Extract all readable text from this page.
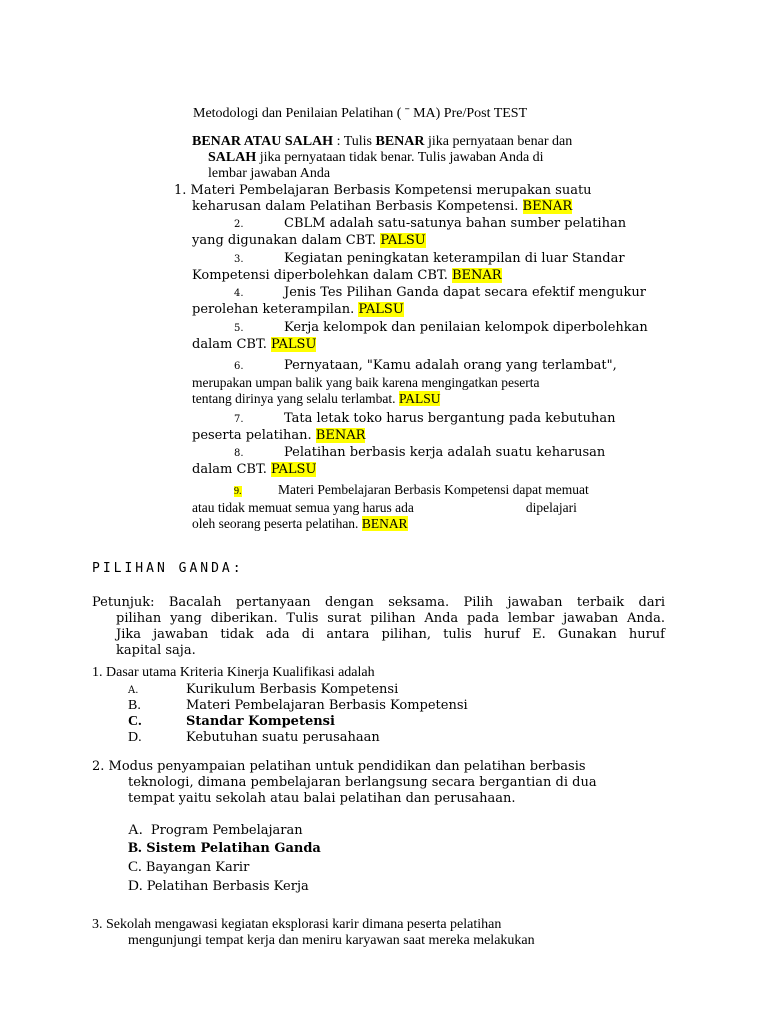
Metodologi dan Penilaian Pelatihan ( ˉ MA) Pre/Post TEST

BENAR ATAU SALAH : Tulis BENAR jika pernyataan benar dan

SALAH jika pernyataan tidak benar. Tulis jawaban Anda di

lembar jawaban Anda

1. Materi Pembelajaran Berbasis Kompetensi merupakan suatu

keharusan dalam Pelatihan Berbasis Kompetensi. BENAR

2.	CBLM adalah satu-satunya bahan sumber pelatihan

yang digunakan dalam CBT. PALSU

3.	Kegiatan peningkatan keterampilan di luar Standar

Kompetensi diperbolehkan dalam CBT. BENAR

4.	Jenis Tes Pilihan Ganda dapat secara efektif mengukur

perolehan keterampilan. PALSU

5.	Kerja kelompok dan penilaian kelompok diperbolehkan

dalam CBT. PALSU

6.	Pernyataan, "Kamu adalah orang yang terlambat",

merupakan umpan balik yang baik karena mengingatkan peserta

tentang dirinya yang selalu terlambat. PALSU

7.	Tata letak toko harus bergantung pada kebutuhan

peserta pelatihan. BENAR

8.	Pelatihan berbasis kerja adalah suatu keharusan

dalam CBT. PALSU

9.	Materi Pembelajaran Berbasis Kompetensi dapat memuat

atau tidak memuat semua yang harus ada	dipelajari

oleh seorang peserta pelatihan. BENAR

PILIHAN GANDA:

Petunjuk: Bacalah pertanyaan dengan seksama. Pilih jawaban terbaik dari

pilihan yang diberikan. Tulis surat pilihan Anda pada lembar jawaban Anda.

Jika jawaban tidak ada di antara pilihan, tulis huruf E. Gunakan huruf

kapital saja.

1. Dasar utama Kriteria Kinerja Kualifikasi adalah
A.	Kurikulum Berbasis Kompetensi
B.	Materi Pembelajaran Berbasis Kompetensi
C.	Standar Kompetensi
D.	Kebutuhan suatu perusahaan

2. Modus penyampaian pelatihan untuk pendidikan dan pelatihan berbasis

teknologi, dimana pembelajaran berlangsung secara bergantian di dua

tempat yaitu sekolah atau balai pelatihan dan perusahaan.

A. Program Pembelajaran
B. Sistem Pelatihan Ganda
C. Bayangan Karir
D. Pelatihan Berbasis Kerja

3. Sekolah mengawasi kegiatan eksplorasi karir dimana peserta pelatihan

mengunjungi tempat kerja dan meniru karyawan saat mereka melakukan
